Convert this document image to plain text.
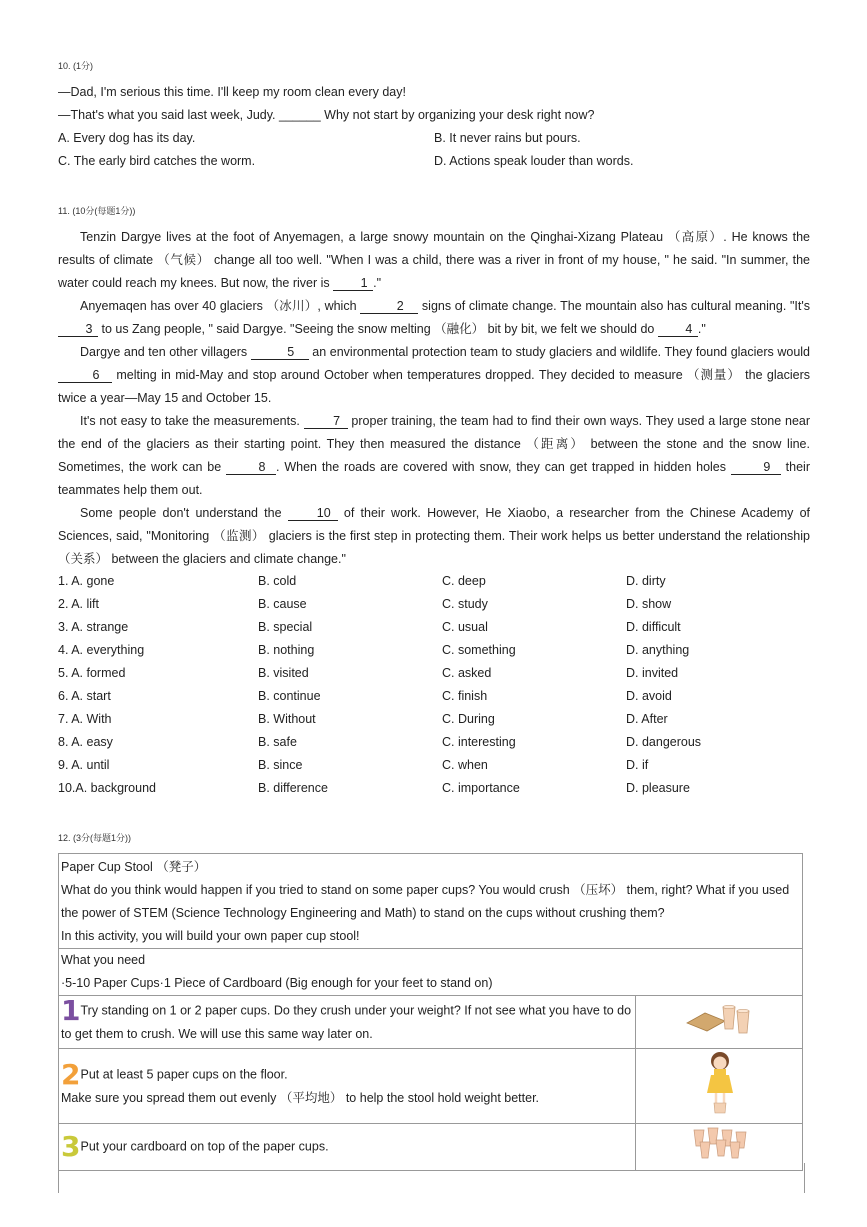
10. (1分)
—Dad, I'm serious this time. I'll keep my room clean every day!
—That's what you said last week, Judy. ______ Why not start by organizing your desk right now?
A. Every dog has its day.	B. It never rains but pours.
C. The early bird catches the worm.	D. Actions speak louder than words.
11. (10分(每题1分))

Tenzin Dargye lives at the foot of Anyemagen, a large snowy mountain on the Qinghai-Xizang Plateau （高原）. He knows the results of climate （气候） change all too well. "When I was a child, there was a river in front of my house, " he said. "In summer, the water could reach my knees. But now, the river is 1 ."

Anyemaqen has over 40 glaciers （冰川）, which	2 signs of climate change. The mountain also has cultural meaning. "It's 3 to us Zang people, " said Dargye. "Seeing the snow melting （融化） bit by bit, we felt we should do 4 ."

Dargye and ten other villagers	5 an environmental protection team to study glaciers and wildlife. They found glaciers would 6 melting in mid-May and stop around October when temperatures dropped. They decided to measure （测量） the glaciers twice a year—May 15 and October 15.

It's not easy to take the measurements. 7 proper training, the team had to find their own ways. They used a large stone near the end of the glaciers as their starting point. They then measured the distance （距离） between the stone and the snow line. Sometimes, the work can be	8 . When the roads are covered with snow, they can get trapped in hidden holes	9 their teammates help them out.

Some people don't understand the 10 of their work. However, He Xiaobo, a researcher from the Chinese Academy of Sciences, said, "Monitoring （监测） glaciers is the first step in protecting them. Their work helps us better understand the relationship （关系） between the glaciers and climate change."

1. A. gone	B. cold	C. deep	D. dirty
2. A. lift	B. cause	C. study	D. show
3. A. strange	B. special	C. usual	D. difficult
4. A. everything	B. nothing	C. something	D. anything
5. A. formed	B. visited	C. asked	D. invited
6. A. start	B. continue	C. finish	D. avoid
7. A. With	B. Without	C. During	D. After
8. A. easy	B. safe	C. interesting	D. dangerous
9. A. until	B. since	C. when	D. if
10.A. background	B. difference	C. importance	D. pleasure
12. (3分(每题1分))
Paper Cup Stool （凳子）
What do you think would happen if you tried to stand on some paper cups? You would crush （压坏） them, right? What if you used the power of STEM (Science Technology Engineering and Math) to stand on the cups without crushing them?
In this activity, you will build your own paper cup stool!	

What you need
·5-10 Paper Cups·1 Piece of Cardboard (Big enough for your feet to stand on)	

1Try standing on 1 or 2 paper cups. Do they crush under your weight? If not see what you have to do to get them to crush. We will use this same way later on.	

2Put at least 5 paper cups on the floor.
Make sure you spread them out evenly （平均地） to help the stool hold weight better.

3Put your cardboard on top of the paper cups.	
